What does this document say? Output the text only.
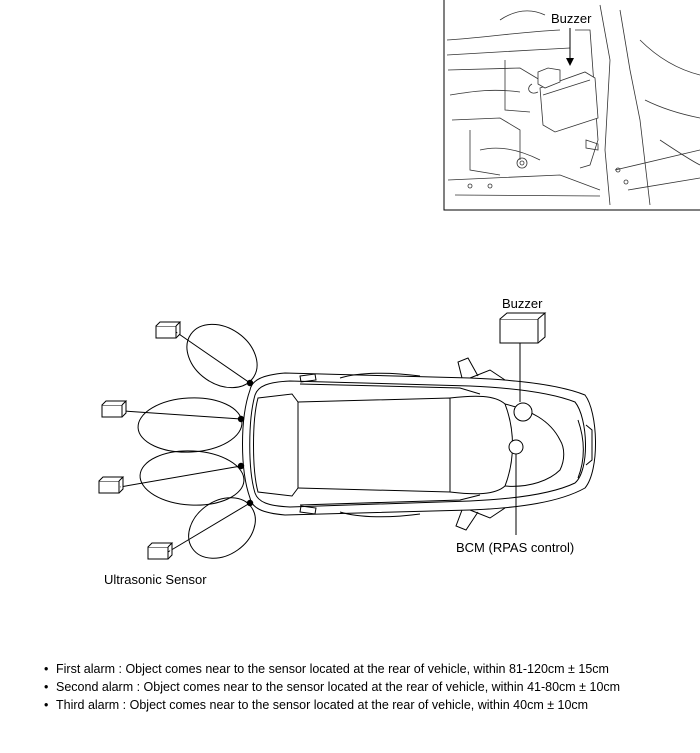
Buzzer
Buzzer
BCM (RPAS control)
Ultrasonic Sensor
• First alarm : Object comes near to the sensor located at the rear of vehicle, within 81-120cm ± 15cm
• Second alarm : Object comes near to the sensor located at the rear of vehicle, within 41-80cm ± 10cm
• Third alarm : Object comes near to the sensor located at the rear of vehicle, within 40cm ± 10cm
